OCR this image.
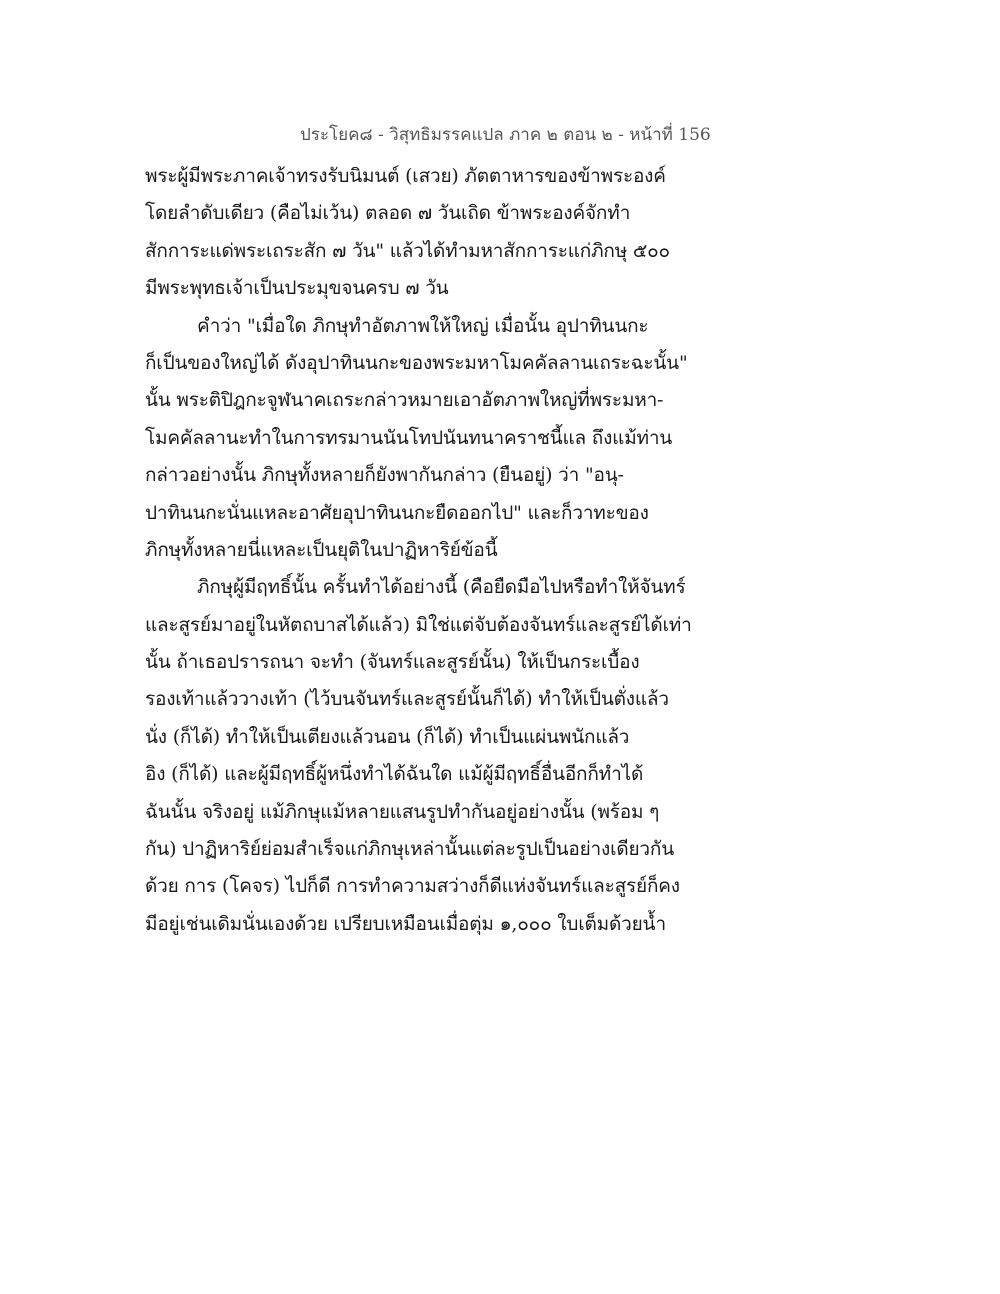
ประโยค๘ - วิสุทธิมรรคแปล ภาค ๒ ตอน ๒ - หน้าที่ 156
พระผู้มีพระภาคเจ้าทรงรับนิมนต์ (เสวย) ภัตตาหารของข้าพระองค์
โดยลำดับเดียว (คือไม่เว้น) ตลอด ๗ วันเถิด ข้าพระองค์จักทำ
สักการะแด่พระเถระสัก ๗ วัน" แล้วได้ทำมหาสักการะแก่ภิกษุ ๕๐๐
มีพระพุทธเจ้าเป็นประมุขจนครบ ๗ วัน
คำว่า "เมื่อใด ภิกษุทำอัตภาพให้ใหญ่ เมื่อนั้น อุปาทินนกะ
ก็เป็นของใหญ่ได้ ดังอุปาทินนกะของพระมหาโมคคัลลานเถระฉะนั้น"
นั้น พระติปิฎกะจูฬนาคเถระกล่าวหมายเอาอัตภาพใหญ่ที่พระมหา-
โมคคัลลานะทำในการทรมานนันโทปนันทนาคราชนี้แล ถึงแม้ท่าน
กล่าวอย่างนั้น ภิกษุทั้งหลายก็ยังพากันกล่าว (ยืนอยู่) ว่า "อนุ-
ปาทินนกะนั่นแหละอาศัยอุปาทินนกะยืดออกไป" และก็วาทะของ
ภิกษุทั้งหลายนี่แหละเป็นยุติในปาฏิหาริย์ข้อนี้
ภิกษุผู้มีฤทธิ์นั้น ครั้นทำได้อย่างนี้ (คือยืดมือไปหรือทำให้จันทร์
และสูรย์มาอยู่ในหัตถบาสได้แล้ว) มิใช่แต่จับต้องจันทร์และสูรย์ได้เท่า
นั้น ถ้าเธอปรารถนา จะทำ (จันทร์และสูรย์นั้น) ให้เป็นกระเบื้อง
รองเท้าแล้ววางเท้า (ไว้บนจันทร์และสูรย์นั้นก็ได้) ทำให้เป็นตั่งแล้ว
นั่ง (ก็ได้) ทำให้เป็นเตียงแล้วนอน (ก็ได้) ทำเป็นแผ่นพนักแล้ว
อิง (ก็ได้) และผู้มีฤทธิ์ผู้หนึ่งทำได้ฉันใด แม้ผู้มีฤทธิ์อื่นอีกก็ทำได้
ฉันนั้น จริงอยู่ แม้ภิกษุแม้หลายแสนรูปทำกันอยู่อย่างนั้น (พร้อม ๆ
กัน) ปาฏิหาริย์ย่อมสำเร็จแก่ภิกษุเหล่านั้นแต่ละรูปเป็นอย่างเดียวกัน
ด้วย การ (โคจร) ไปก็ดี การทำความสว่างก็ดีแห่งจันทร์และสูรย์ก็คง
มีอยู่เช่นเดิมนั่นเองด้วย เปรียบเหมือนเมื่อตุ่ม ๑,๐๐๐ ใบเต็มด้วยน้ำ
